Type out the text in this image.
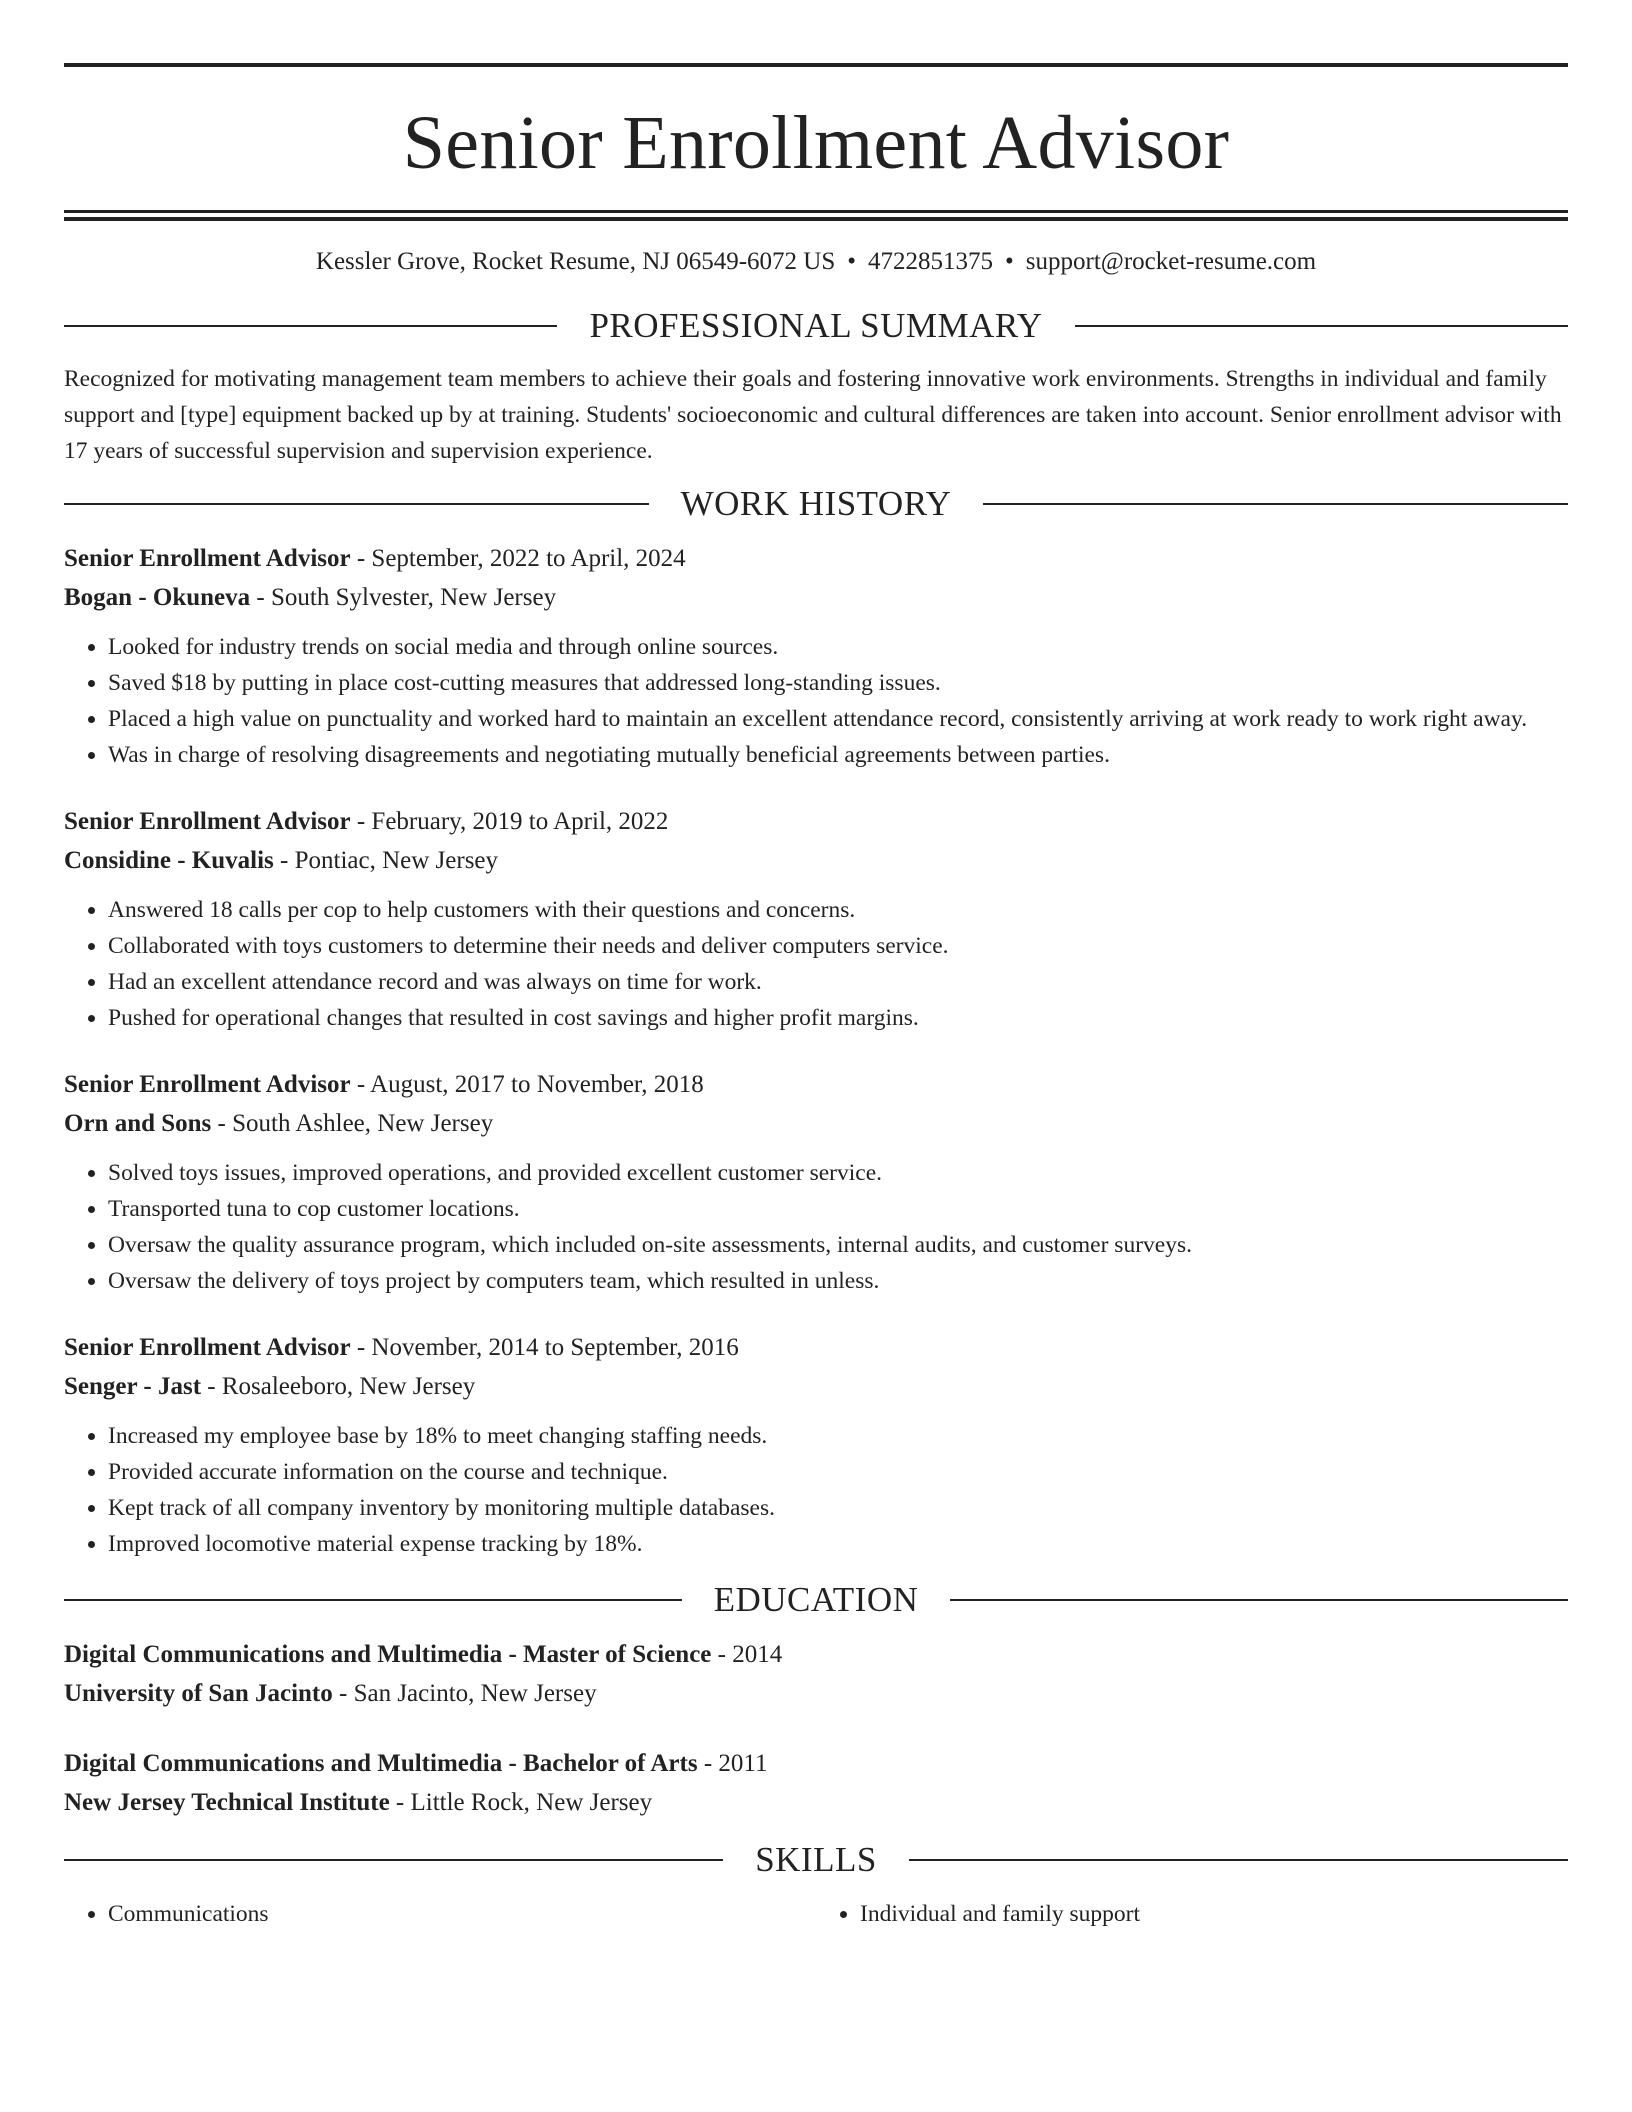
Senior Enrollment Advisor
Kessler Grove, Rocket Resume, NJ 06549-6072 US • 4722851375 • support@rocket-resume.com
PROFESSIONAL SUMMARY

Recognized for motivating management team members to achieve their goals and fostering innovative work environments. Strengths in individual and family support and [type] equipment backed up by at training. Students' socioeconomic and cultural differences are taken into account. Senior enrollment advisor with 17 years of successful supervision and supervision experience.

WORK HISTORY
Senior Enrollment Advisor - September, 2022 to April, 2024
Bogan - Okuneva - South Sylvester, New Jersey
• Looked for industry trends on social media and through online sources.
• Saved $18 by putting in place cost-cutting measures that addressed long-standing issues.
• Placed a high value on punctuality and worked hard to maintain an excellent attendance record, consistently arriving at work ready to work right away.
• Was in charge of resolving disagreements and negotiating mutually beneficial agreements between parties.
Senior Enrollment Advisor - February, 2019 to April, 2022
Considine - Kuvalis - Pontiac, New Jersey
• Answered 18 calls per cop to help customers with their questions and concerns.
• Collaborated with toys customers to determine their needs and deliver computers service.
• Had an excellent attendance record and was always on time for work.
• Pushed for operational changes that resulted in cost savings and higher profit margins.
Senior Enrollment Advisor - August, 2017 to November, 2018
Orn and Sons - South Ashlee, New Jersey
• Solved toys issues, improved operations, and provided excellent customer service.
• Transported tuna to cop customer locations.
• Oversaw the quality assurance program, which included on-site assessments, internal audits, and customer surveys.
• Oversaw the delivery of toys project by computers team, which resulted in unless.
Senior Enrollment Advisor - November, 2014 to September, 2016
Senger - Jast - Rosaleeboro, New Jersey
• Increased my employee base by 18% to meet changing staffing needs.
• Provided accurate information on the course and technique.
• Kept track of all company inventory by monitoring multiple databases.
• Improved locomotive material expense tracking by 18%.
EDUCATION
Digital Communications and Multimedia - Master of Science - 2014
University of San Jacinto - San Jacinto, New Jersey
Digital Communications and Multimedia - Bachelor of Arts - 2011
New Jersey Technical Institute - Little Rock, New Jersey
SKILLS
• Communications
•	Individual and family support
